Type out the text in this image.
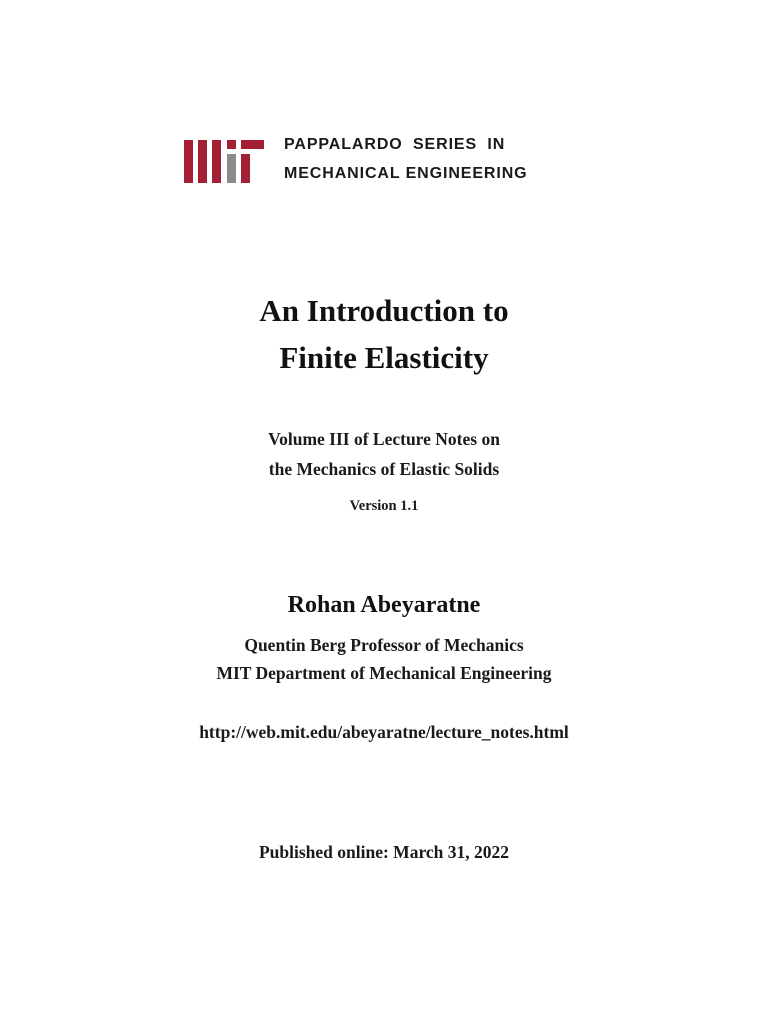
PAPPALARDO SERIES IN
MECHANICAL ENGINEERING
An Introduction to
Finite Elasticity
Volume III of Lecture Notes on
the Mechanics of Elastic Solids
Version 1.1
Rohan Abeyaratne
Quentin Berg Professor of Mechanics
MIT Department of Mechanical Engineering
http://web.mit.edu/abeyaratne/lecture_notes.html
Published online: March 31, 2022
